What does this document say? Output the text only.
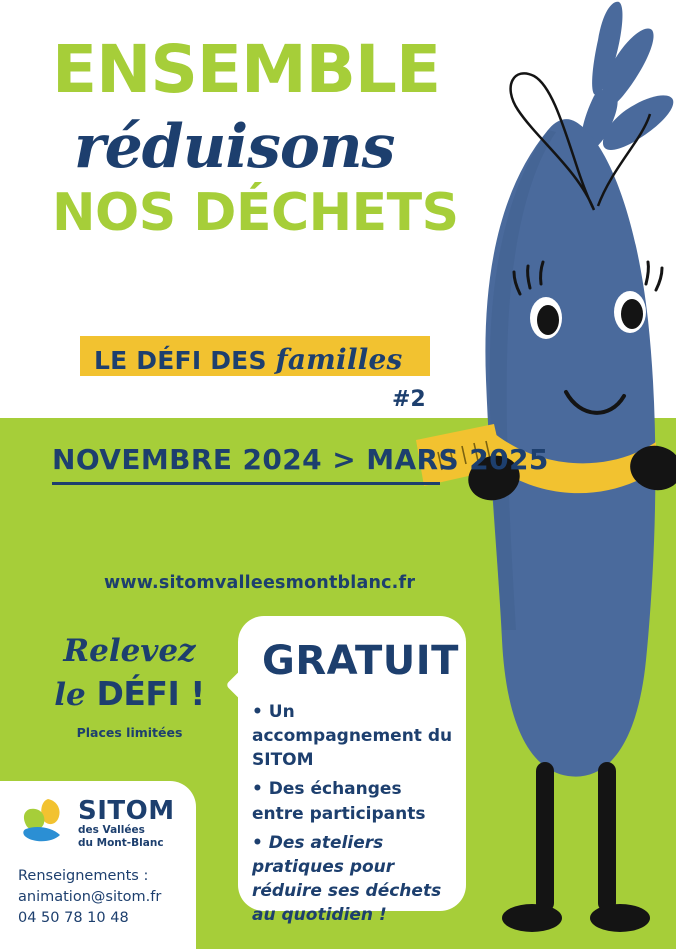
ENSEMBLE
réduisons
NOS DÉCHETS
LE DÉFI DES familles
#2
NOVEMBRE 2024 > MARS 2025
www.sitomvalleesmontblanc.fr
Relevez
le DÉFI !
Places limitées
GRATUIT

• Un accompagnement du SITOM

• Des échanges entre participants

• Des ateliers pratiques pour réduire ses déchets au quotidien !

SITOM
des Vallées
du Mont-Blanc
Renseignements :
animation@sitom.fr
04 50 78 10 48
